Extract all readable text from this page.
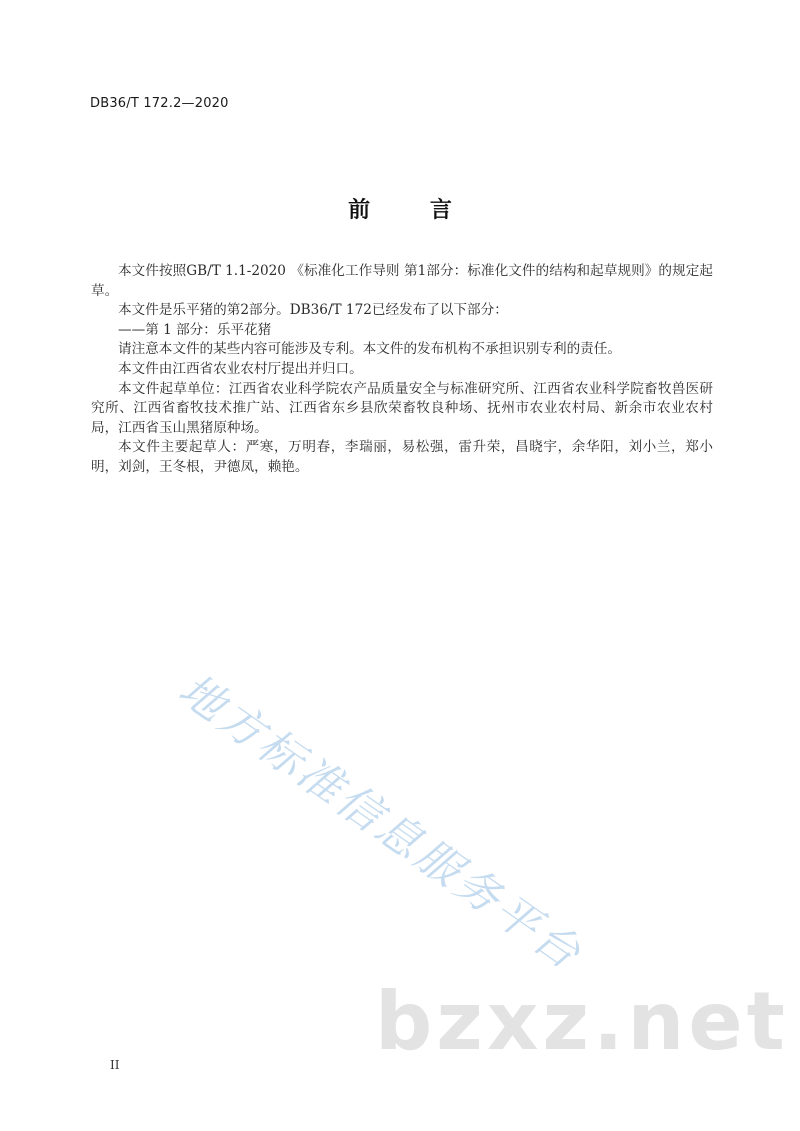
DB36/T 172.2—2020
前 言

本文件按照GB/T 1.1-2020 《标准化工作导则 第1部分：标准化文件的结构和起草规则》的规定起草。

本文件是乐平猪的第2部分。DB36/T 172已经发布了以下部分：

——第 1 部分：乐平花猪

请注意本文件的某些内容可能涉及专利。本文件的发布机构不承担识别专利的责任。

本文件由江西省农业农村厅提出并归口。

本文件起草单位：江西省农业科学院农产品质量安全与标准研究所、江西省农业科学院畜牧兽医研究所、江西省畜牧技术推广站、江西省东乡县欣荣畜牧良种场、抚州市农业农村局、新余市农业农村局，江西省玉山黑猪原种场。

本文件主要起草人：严寒，万明春，李瑞丽，易松强，雷升荣，昌晓宇，余华阳，刘小兰，郑小明，刘剑，王冬根，尹德凤，赖艳。

地方标准信息服务平台
bzxz.net
II
